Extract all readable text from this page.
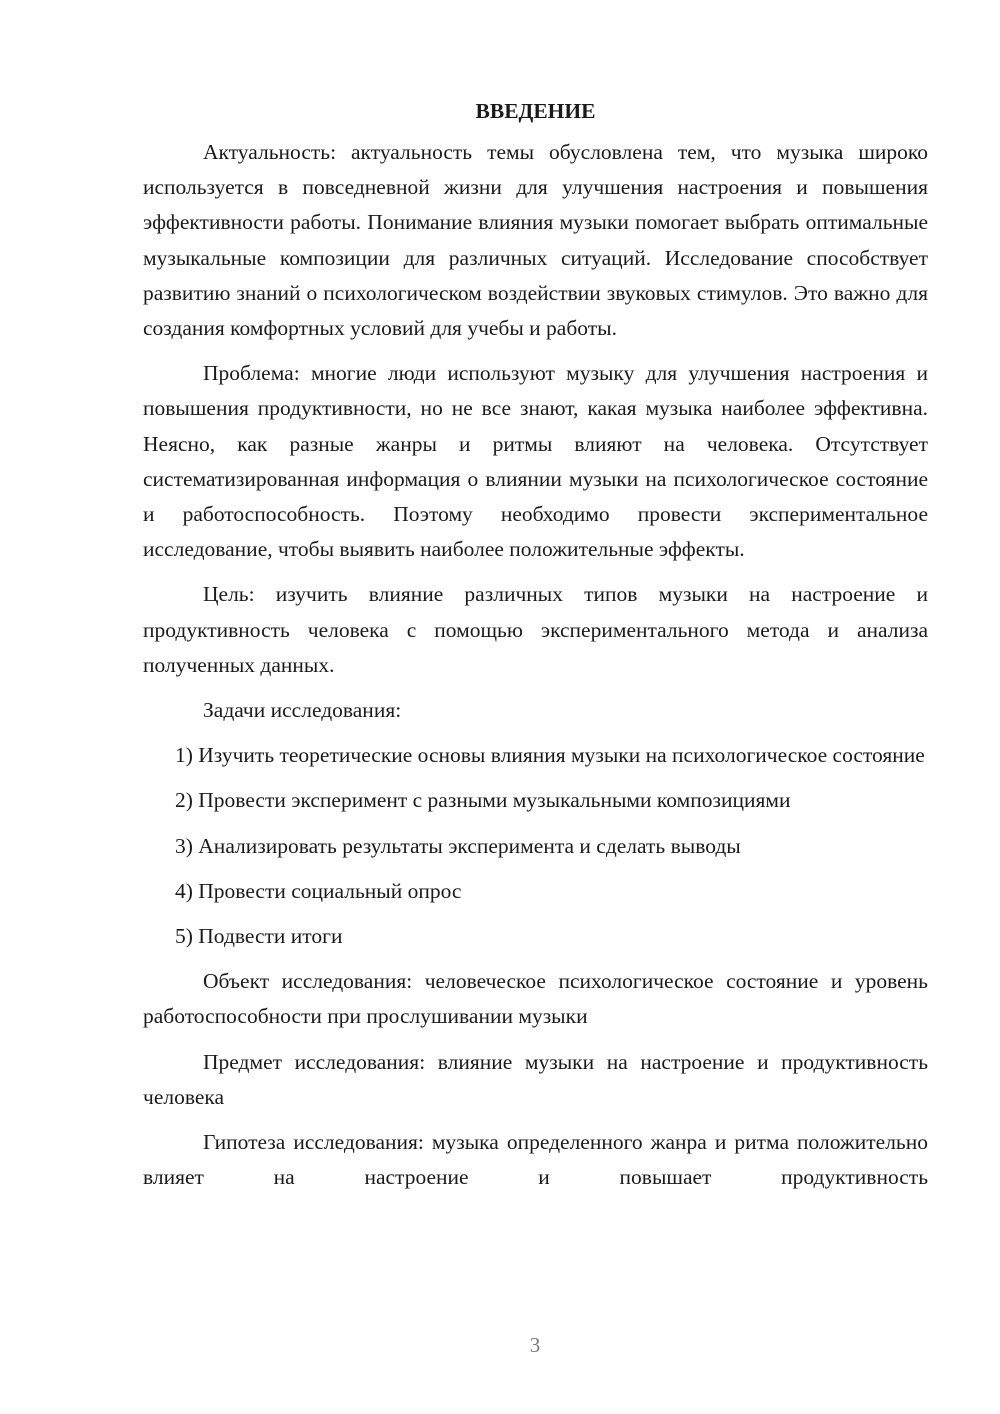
ВВЕДЕНИЕ
Актуальность: актуальность темы обусловлена тем, что музыка широко используется в повседневной жизни для улучшения настроения и повышения эффективности работы. Понимание влияния музыки помогает выбрать оптимальные музыкальные композиции для различных ситуаций. Исследование способствует развитию знаний о психологическом воздействии звуковых стимулов. Это важно для создания комфортных условий для учебы и работы.
Проблема: многие люди используют музыку для улучшения настроения и повышения продуктивности, но не все знают, какая музыка наиболее эффективна. Неясно, как разные жанры и ритмы влияют на человека. Отсутствует систематизированная информация о влиянии музыки на психологическое состояние и работоспособность. Поэтому необходимо провести экспериментальное исследование, чтобы выявить наиболее положительные эффекты.
Цель: изучить влияние различных типов музыки на настроение и продуктивность человека с помощью экспериментального метода и анализа полученных данных.
Задачи исследования:
1) Изучить теоретические основы влияния музыки на психологическое состояние
2) Провести эксперимент с разными музыкальными композициями
3) Анализировать результаты эксперимента и сделать выводы
4) Провести социальный опрос
5) Подвести итоги
Объект исследования: человеческое психологическое состояние и уровень работоспособности при прослушивании музыки
Предмет исследования: влияние музыки на настроение и продуктивность человека
Гипотеза исследования: музыка определенного жанра и ритма положительно влияет на настроение и повышает продуктивность
3
